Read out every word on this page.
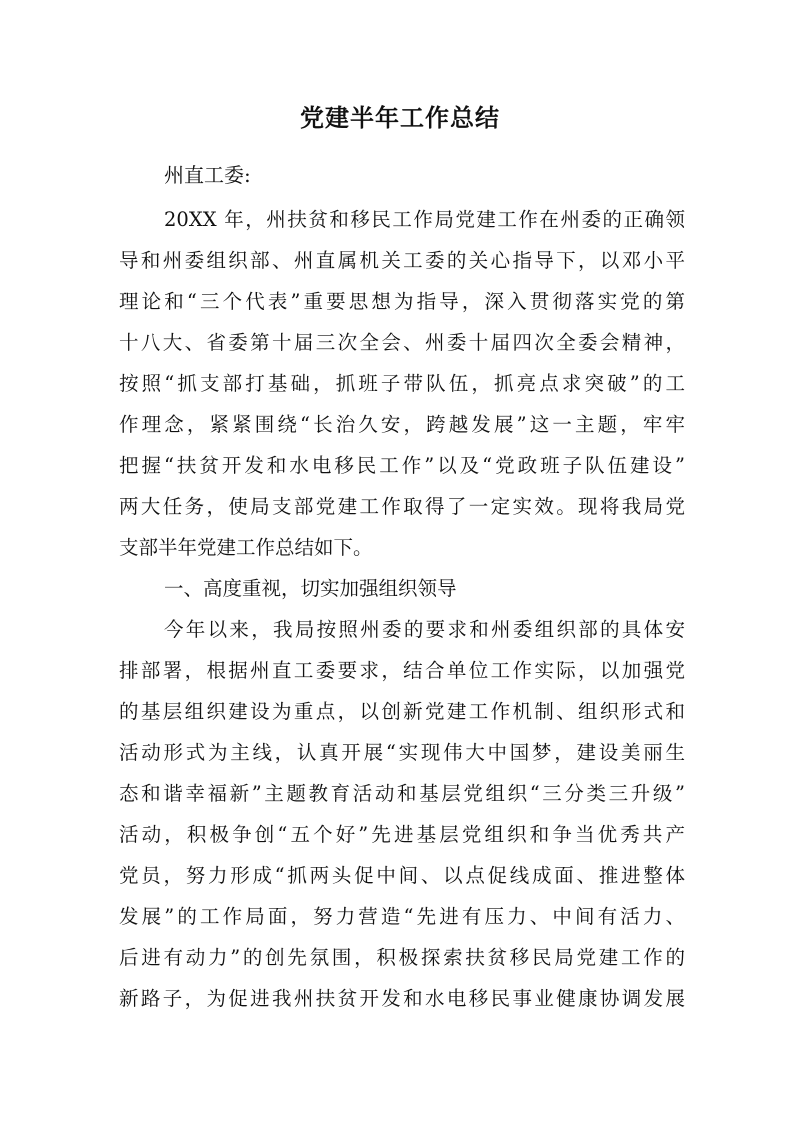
党建半年工作总结
州直工委:
20XX 年，州扶贫和移民工作局党建工作在州委的正确领
导和州委组织部、州直属机关工委的关心指导下，以邓小平
理论和“三个代表”重要思想为指导，深入贯彻落实党的第
十八大、省委第十届三次全会、州委十届四次全委会精神，
按照“抓支部打基础，抓班子带队伍，抓亮点求突破”的工
作理念，紧紧围绕“长治久安，跨越发展”这一主题，牢牢
把握“扶贫开发和水电移民工作”以及“党政班子队伍建设”
两大任务，使局支部党建工作取得了一定实效。现将我局党
支部半年党建工作总结如下。
一、高度重视，切实加强组织领导
今年以来，我局按照州委的要求和州委组织部的具体安
排部署，根据州直工委要求，结合单位工作实际，以加强党
的基层组织建设为重点，以创新党建工作机制、组织形式和
活动形式为主线，认真开展“实现伟大中国梦，建设美丽生
态和谐幸福新”主题教育活动和基层党组织“三分类三升级”
活动，积极争创“五个好”先进基层党组织和争当优秀共产
党员，努力形成“抓两头促中间、以点促线成面、推进整体
发展”的工作局面，努力营造“先进有压力、中间有活力、
后进有动力”的创先氛围，积极探索扶贫移民局党建工作的
新路子，为促进我州扶贫开发和水电移民事业健康协调发展
